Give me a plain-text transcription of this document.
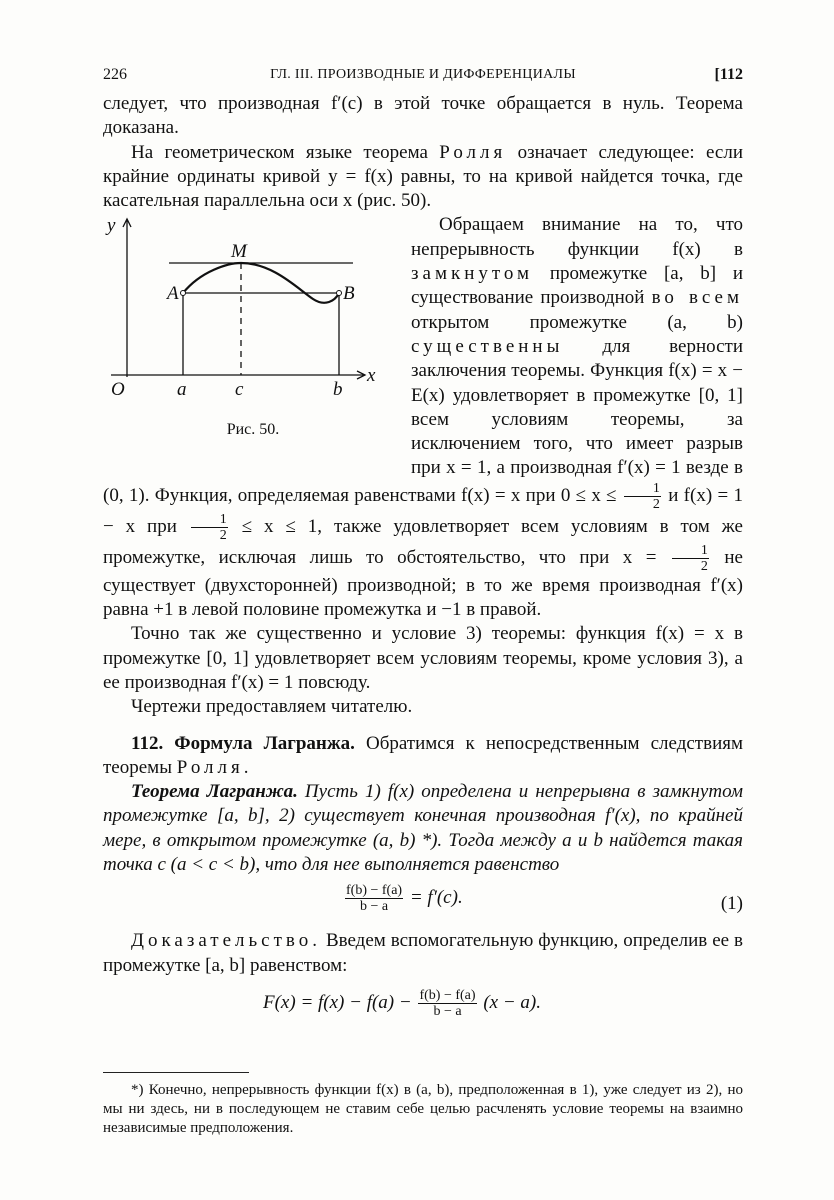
226	ГЛ. III. ПРОИЗВОДНЫЕ И ДИФФЕРЕНЦИАЛЫ	[112

следует, что производная f′(c) в этой точке обращается в нуль. Теорема доказана.

На геометрическом языке теорема Ролля означает следующее: если крайние ординаты кривой y = f(x) равны, то на кривой найдется точка, где касательная параллельна оси x (рис. 50).

y
x
O	a	c	b
A
M
B
Рис. 50.

Обращаем внимание на то, что непрерывность функции f(x) в замкнутом промежутке [a, b] и существование производной во всем открытом промежутке (a, b) существенны для верности заключения теоремы. Функция f(x) = x − E(x) удовлетворяет в промежутке [0, 1] всем условиям теоремы, за исключением того, что имеет разрыв при x = 1, а производная f′(x) = 1 везде в (0, 1). Функция, определяемая равенствами f(x) = x при $0 \le x \le \frac{1}{2}$ и f(x) = 1 − x при $\frac{1}{2} \le x \le 1$, также удовлетворяет всем условиям в том же промежутке, исключая лишь то обстоятельство, что при $x = \frac{1}{2}$ не существует (двухсторонней) производной; в то же время производная f′(x) равна +1 в левой половине промежутка и −1 в правой.

Точно так же существенно и условие 3) теоремы: функция f(x) = x в промежутке [0, 1] удовлетворяет всем условиям теоремы, кроме условия 3), а ее производная f′(x) = 1 повсюду.

Чертежи предоставляем читателю.

112. Формула Лагранжа. Обратимся к непосредственным следствиям теоремы Ролля.

Теорема Лагранжа. Пусть 1) f(x) определена и непрерывна в замкнутом промежутке [a, b], 2) существует конечная производная f′(x), по крайней мере, в открытом промежутке (a, b) *). Тогда между a и b найдется такая точка c (a < c < b), что для нее выполняется равенство

$\frac{f(b) - f(a)}{b - a} = f'(c)$.	(1)

Доказательство. Введем вспомогательную функцию, определив ее в промежутке [a, b] равенством:

$F(x) = f(x) - f(a) - \frac{f(b) - f(a)}{b - a} (x - a)$.

*) Конечно, непрерывность функции f(x) в (a, b), предположенная в 1), уже следует из 2), но мы ни здесь, ни в последующем не ставим себе целью расчленять условие теоремы на взаимно независимые предположения.
